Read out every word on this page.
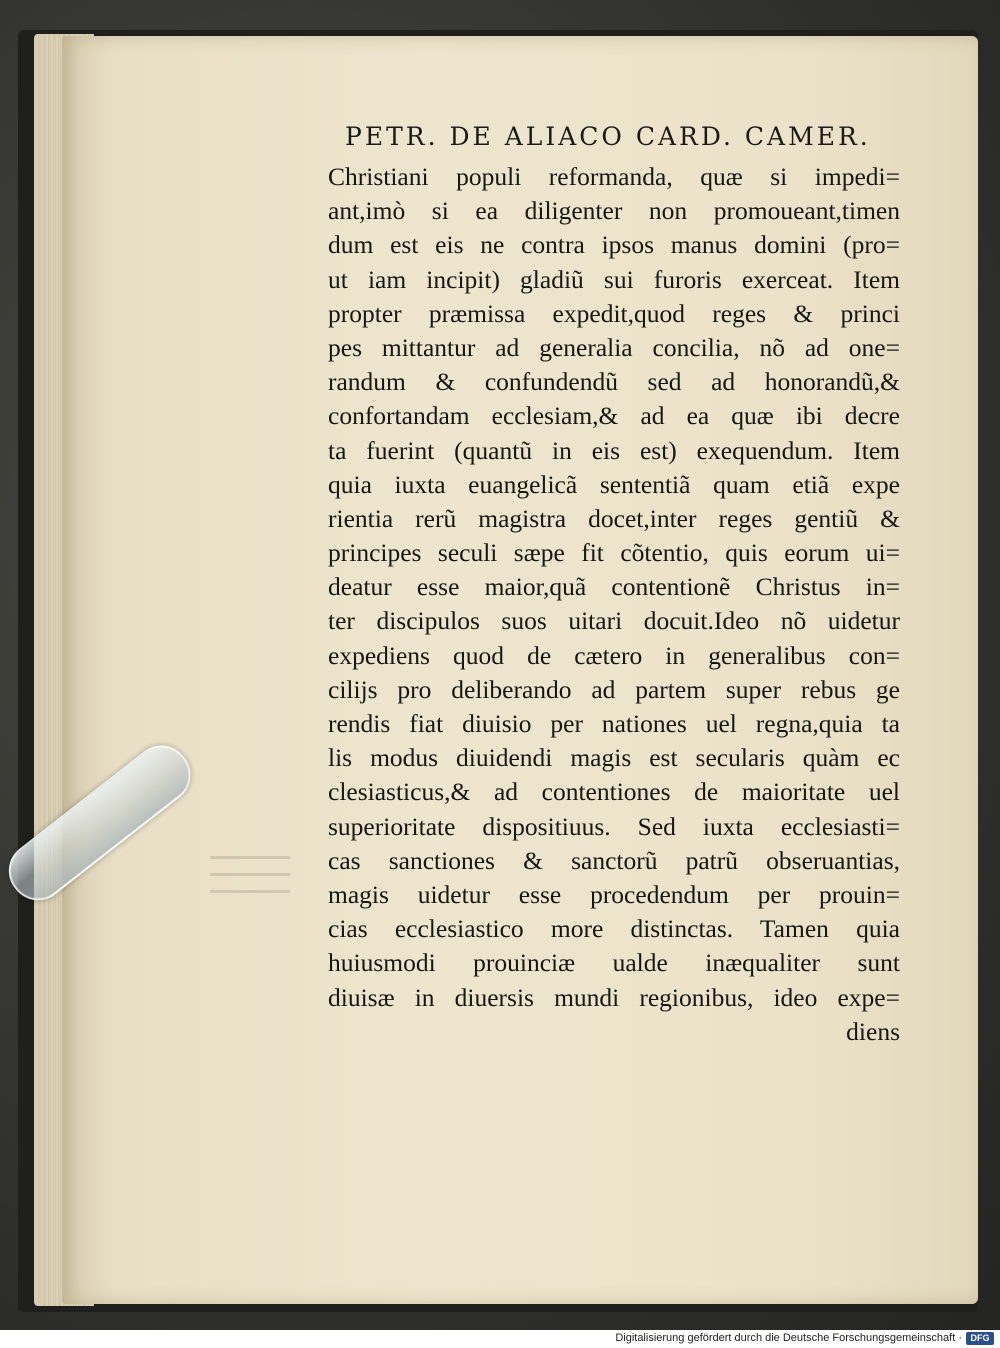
PETR. DE ALIACO CARD. CAMER.
Christiani populi reformanda, quæ si impedi=
ant,imò si ea diligenter non promoueant,timen
dum est eis ne contra ipsos manus domini (pro=
ut iam incipit) gladiũ sui furoris exerceat. Item
propter præmissa expedit,quod reges & princi
pes mittantur ad generalia concilia, nõ ad one=
randum & confundendũ sed ad honorandũ,&
confortandam ecclesiam,& ad ea quæ ibi decre
ta fuerint (quantũ in eis est) exequendum. Item
quia iuxta euangelicã sententiã quam etiã expe
rientia rerũ magistra docet,inter reges gentiũ &
principes seculi sæpe fit cõtentio, quis eorum ui=
deatur esse maior,quã contentionẽ Christus in=
ter discipulos suos uitari docuit.Ideo nõ uidetur
expediens quod de cætero in generalibus con=
cilijs pro deliberando ad partem super rebus ge
rendis fiat diuisio per nationes uel regna,quia ta
lis modus diuidendi magis est secularis quàm ec
clesiasticus,& ad contentiones de maioritate uel
superioritate dispositiuus. Sed iuxta ecclesiasti=
cas sanctiones & sanctorũ patrũ obseruantias,
magis uidetur esse procedendum per prouin=
cias ecclesiastico more distinctas. Tamen quia
huiusmodi prouinciæ ualde inæqualiter sunt
diuisæ in diuersis mundi regionibus, ideo expe=
diens
Digitalisierung gefördert durch die Deutsche Forschungsgemeinschaft · DFG
